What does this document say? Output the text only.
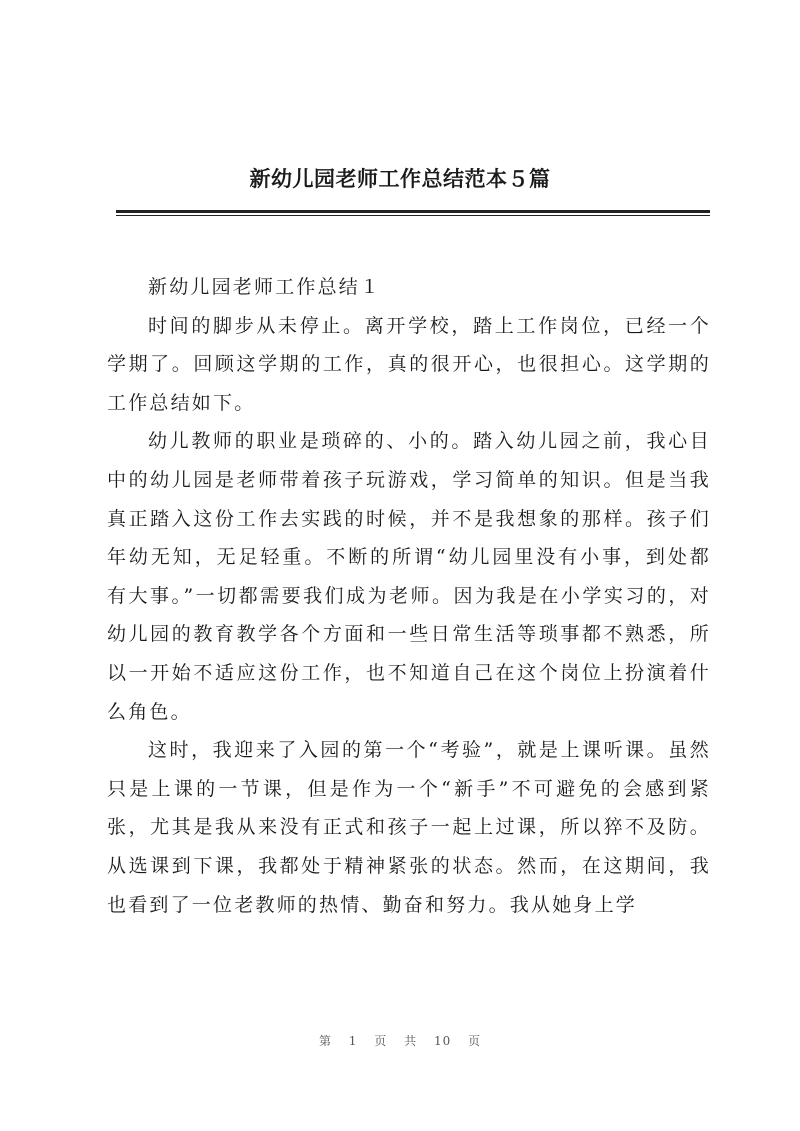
新幼儿园老师工作总结范本５篇
新幼儿园老师工作总结１

时间的脚步从未停止。离开学校，踏上工作岗位，已经一个学期了。回顾这学期的工作，真的很开心，也很担心。这学期的工作总结如下。

幼儿教师的职业是琐碎的、小的。踏入幼儿园之前，我心目中的幼儿园是老师带着孩子玩游戏，学习简单的知识。但是当我真正踏入这份工作去实践的时候，并不是我想象的那样。孩子们年幼无知，无足轻重。不断的所谓“幼儿园里没有小事，到处都有大事。”一切都需要我们成为老师。因为我是在小学实习的，对幼儿园的教育教学各个方面和一些日常生活等琐事都不熟悉，所以一开始不适应这份工作，也不知道自己在这个岗位上扮演着什么角色。

这时，我迎来了入园的第一个“考验”，就是上课听课。虽然只是上课的一节课，但是作为一个“新手”不可避免的会感到紧张，尤其是我从来没有正式和孩子一起上过课，所以猝不及防。从选课到下课，我都处于精神紧张的状态。然而，在这期间，我也看到了一位老教师的热情、勤奋和努力。我从她身上学

第 1 页 共 10 页
